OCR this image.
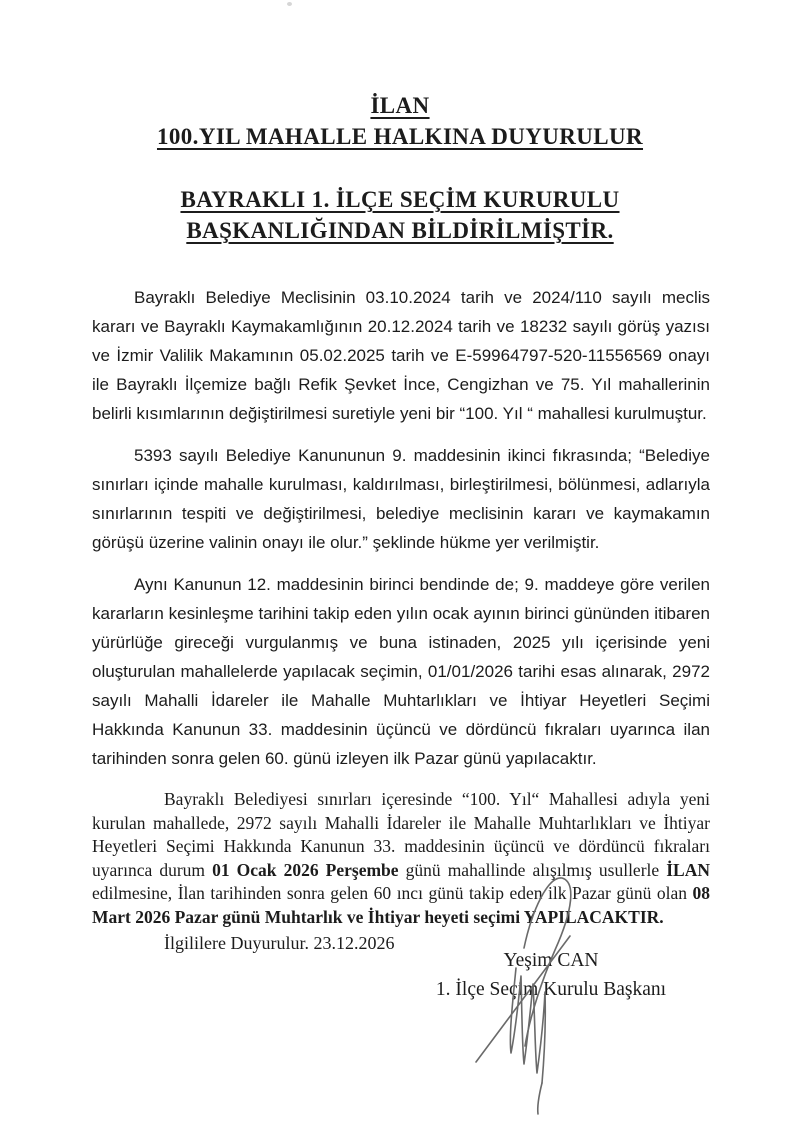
İLAN
100.YIL MAHALLE HALKINA DUYURULUR
BAYRAKLI 1. İLÇE SEÇİM KURURULU
BAŞKANLIĞINDAN BİLDİRİLMİŞTİR.

Bayraklı Belediye Meclisinin 03.10.2024 tarih ve 2024/110 sayılı meclis kararı ve Bayraklı Kaymakamlığının 20.12.2024 tarih ve 18232 sayılı görüş yazısı ve İzmir Valilik Makamının 05.02.2025 tarih ve E-59964797-520-11556569 onayı ile Bayraklı İlçemize bağlı Refik Şevket İnce, Cengizhan ve 75. Yıl mahallerinin belirli kısımlarının değiştirilmesi suretiyle yeni bir “100. Yıl “ mahallesi kurulmuştur.

5393 sayılı Belediye Kanununun 9. maddesinin ikinci fıkrasında; “Belediye sınırları içinde mahalle kurulması, kaldırılması, birleştirilmesi, bölünmesi, adlarıyla sınırlarının tespiti ve değiştirilmesi, belediye meclisinin kararı ve kaymakamın görüşü üzerine valinin onayı ile olur.” şeklinde hükme yer verilmiştir.

Aynı Kanunun 12. maddesinin birinci bendinde de; 9. maddeye göre verilen kararların kesinleşme tarihini takip eden yılın ocak ayının birinci gününden itibaren yürürlüğe gireceği vurgulanmış ve buna istinaden, 2025 yılı içerisinde yeni oluşturulan mahallelerde yapılacak seçimin, 01/01/2026 tarihi esas alınarak, 2972 sayılı Mahalli İdareler ile Mahalle Muhtarlıkları ve İhtiyar Heyetleri Seçimi Hakkında Kanunun 33. maddesinin üçüncü ve dördüncü fıkraları uyarınca ilan tarihinden sonra gelen 60. günü izleyen ilk Pazar günü yapılacaktır.

Bayraklı Belediyesi sınırları içeresinde “100. Yıl“ Mahallesi adıyla yeni kurulan mahallede, 2972 sayılı Mahalli İdareler ile Mahalle Muhtarlıkları ve İhtiyar Heyetleri Seçimi Hakkında Kanunun 33. maddesinin üçüncü ve dördüncü fıkraları uyarınca durum 01 Ocak 2026 Perşembe günü mahallinde alışılmış usullerle İLAN edilmesine, İlan tarihinden sonra gelen 60 ıncı günü takip eden ilk Pazar günü olan 08 Mart 2026 Pazar günü Muhtarlık ve İhtiyar heyeti seçimi YAPILACAKTIR.

İlgililere Duyurulur. 23.12.2026
Yeşim CAN
1. İlçe Seçim Kurulu Başkanı
